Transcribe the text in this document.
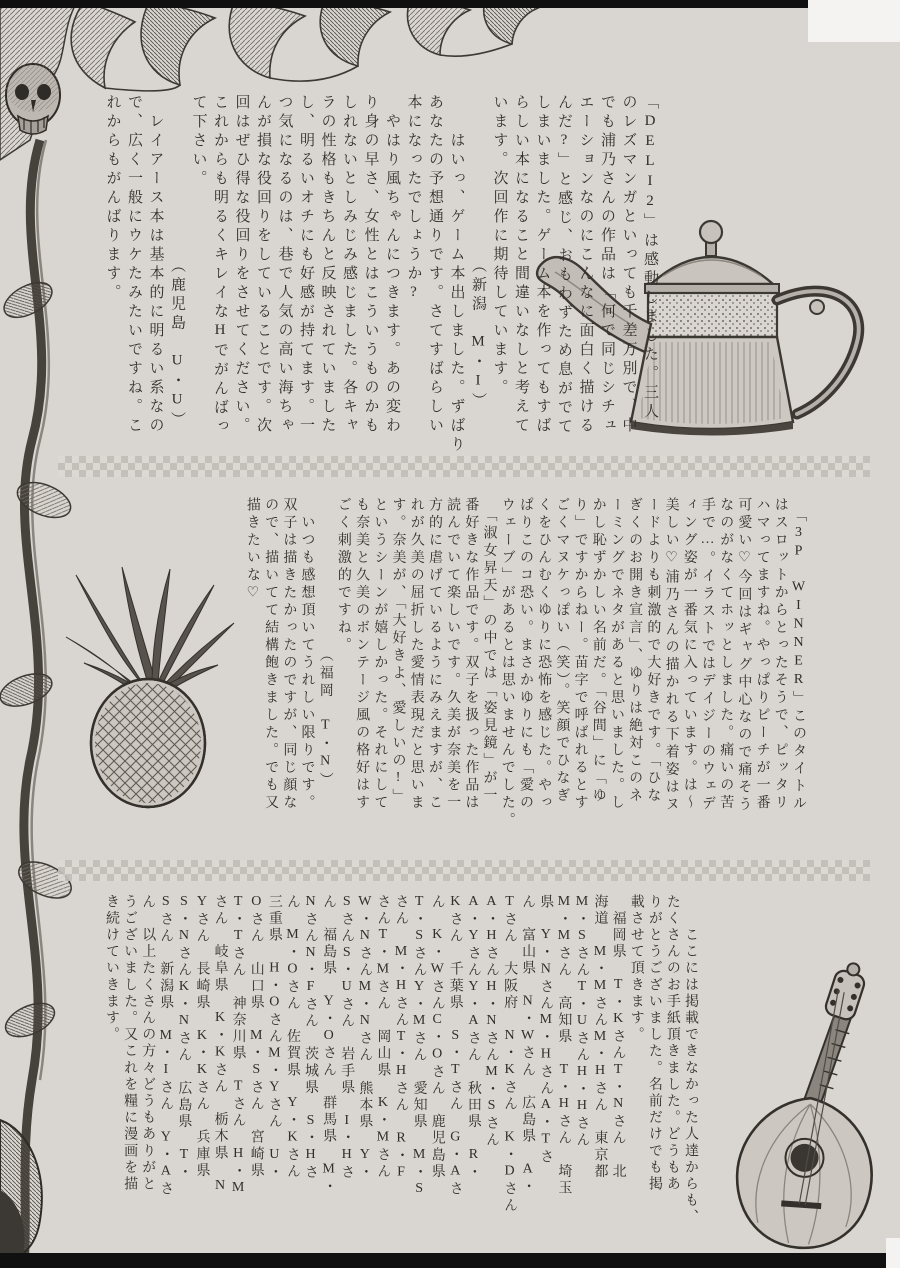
「DELI2」は感動しました。三人
のレズマンガといっても千差万別で、中
でも浦乃さんの作品は「何で同じシチュ
エーションなのにこんなに面白く描ける
んだ?」と感じ、おもわずため息がでて
しまいました。ゲーム本を作ってもすば
らしい本になること間違いなしと考えて
います。次回作に期待しています。
　　　　　　　　　（新潟　M・I）
　　はいっ、ゲーム本出しました。ずばり
あなたの予想通りです。さてすばらしい
本になったでしょうか?
　やはり風ちゃんにつきます。あの変わ
り身の早さ、女性とはこういうものかも
しれないとしみじみ感じました。各キャ
ラの性格もきちんと反映されていました
し、明るいオチにも好感が持てます。一
つ気になるのは、巷で人気の高い海ちゃ
んが損な役回りをしていることです。次
回はぜひ得な役回りをさせてください。
これからも明るくキレイなHでがんばっ
て下さい。
　　　　　　　　　（鹿児島　U・U）
　レイアース本は基本的に明るい系なの
で、広く一般にウケたみたいですね。こ
れからもがんばります。
　「3P　WINNER」このタイトル
はスロットからとったそうで、ピッタリ
ハマってますね。やっぱりピーチが一番
可愛い♡今回はギャグ中心なので痛そう
なのがなくてホッとしました。痛いの苦
手で…。イラストではデイジーのウェデ
ィング姿が一番気に入っています。は～
美しい♡浦乃さんの描かれる下着姿はヌ
ードよりも刺激的で大好きです。「ひな
ぎくのお開き宣言」、ゆりは絶対このネ
ーミングでネタがあると思いました。し
かし恥ずかしい名前だ。「谷間」に「ゆ
り」ですからねー。苗字で呼ばれるとす
ごくマヌケっぽい（笑）。笑顔でひなぎ
くをひんむくゆりに恐怖を感じた。やっ
ぱりこのコ恐い。まさかゆりにも「愛の
ウェーブ」があるとは思いませんでした。
　「淑女昇天」の中では「姿見鏡」が一
番好きな作品です。双子を扱った作品は
読んでいて楽しいです。久美が奈美を一
方的に虐げているようにみえますが、こ
れが久美の屈折した愛情表現だと思いま
す。奈美が、「大好きよ、愛しいの!」
というシーンが嬉しかった。それにして
も奈美と久美のボンテージ風の格好はす
ごく刺激的ですね。
　　　　　　　　　（福岡　T・N）
　いつも感想頂いてうれしい限りです。
双子は描きたかったのですが、同じ顔な
ので、描いてて結構飽きました。でも又
描きたいな♡
　　ここには掲載できなかった人達からも、
たくさんのお手紙頂きました。どうもあ
りがとうございました。名前だけでも掲
載させて頂きます。
　福岡県　T・KさんT・Nさん　北
海道　M・MさんM・Hさん　東京都
M・SさんT・UさんH・Hさん
M・Mさん　高知県　T・Hさん　埼玉
県　Y・NさんM・HさんA・Tさ
ん　富山県　N・Wさん　広島県　A・
Tさん　大阪府　N・Kさん　K・Dさん
A・HさんH・NさんM・Sさん
A・YさんY・Aさん　秋田県　R・
Kさん　千葉県　S・Tさん　G・Aさ
ん　K・WさんC・Oさん　鹿児島県
T・SさんY・Mさん　愛知県　M・S
さん　M・HさんT・Hさん　R・F
さんT・Mさん　岡山県　K・Mさん
W・NさんM・Nさん　熊本県　Y・
SさんS・Uさん　岩手県　I・Hさ
ん　福島県　Y・Oさん　群馬県　M・
NさんN・Fさん　茨城県　S・Hさ
ん　M・Oさん　佐賀県　Y・Kさん
三重県　H・OさんM・Yさん　U・
Oさん　山口県　M・Sさん　宮崎県
T・Tさん　神奈川県　Tさん　H・M
さん　岐阜県　K・Kさん　栃木県　N
Yさん　長崎県　K・Kさん　兵庫県
S・NさんK・Nさん　広島県　T・
Sさん　新潟県　M・Iさん　Y・Aさ
ん　以上たくさんの方々どうもありがと
うございました。又これを糧に漫画を描
き続けていきます。
